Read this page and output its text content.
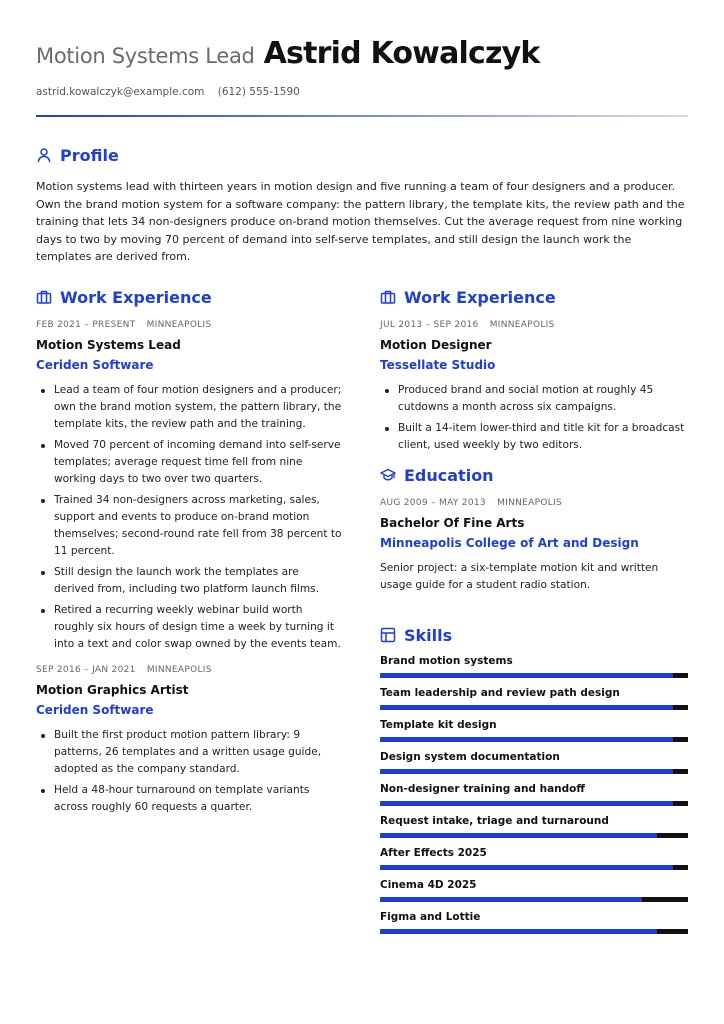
Motion Systems Lead Astrid Kowalczyk
astrid.kowalczyk@example.com (612) 555-1590
Profile

Motion systems lead with thirteen years in motion design and five running a team of four designers and a producer. Own the brand motion system for a software company: the pattern library, the template kits, the review path and the training that lets 34 non-designers produce on-brand motion themselves. Cut the average request from nine working days to two by moving 70 percent of demand into self-serve templates, and still design the launch work the templates are derived from.

Work Experience
FEB 2021 – PRESENT MINNEAPOLIS
Motion Systems Lead
Ceriden Software
Lead a team of four motion designers and a producer; own the brand motion system, the pattern library, the template kits, the review path and the training.
Moved 70 percent of incoming demand into self-serve templates; average request time fell from nine working days to two over two quarters.
Trained 34 non-designers across marketing, sales, support and events to produce on-brand motion themselves; second-round rate fell from 38 percent to 11 percent.
Still design the launch work the templates are derived from, including two platform launch films.
Retired a recurring weekly webinar build worth roughly six hours of design time a week by turning it into a text and color swap owned by the events team.
SEP 2016 – JAN 2021 MINNEAPOLIS
Motion Graphics Artist
Ceriden Software
Built the first product motion pattern library: 9 patterns, 26 templates and a written usage guide, adopted as the company standard.
Held a 48-hour turnaround on template variants across roughly 60 requests a quarter.
Work Experience
JUL 2013 – SEP 2016 MINNEAPOLIS
Motion Designer
Tessellate Studio
Produced brand and social motion at roughly 45 cutdowns a month across six campaigns.
Built a 14-item lower-third and title kit for a broadcast client, used weekly by two editors.
Education
AUG 2009 – MAY 2013 MINNEAPOLIS
Bachelor Of Fine Arts
Minneapolis College of Art and Design

Senior project: a six-template motion kit and written usage guide for a student radio station.

Skills
Brand motion systems
Team leadership and review path design
Template kit design
Design system documentation
Non-designer training and handoff
Request intake, triage and turnaround
After Effects 2025
Cinema 4D 2025
Figma and Lottie
